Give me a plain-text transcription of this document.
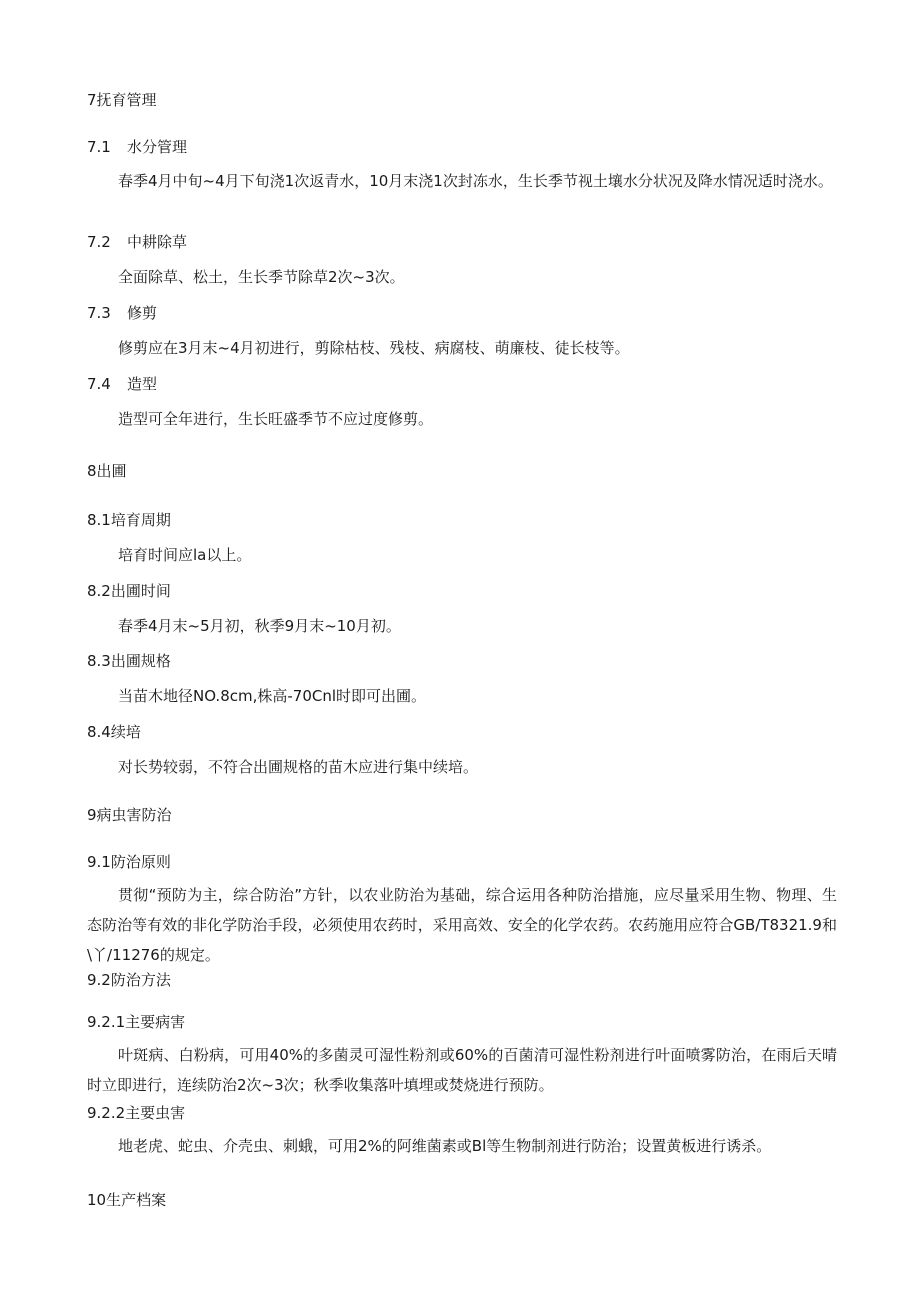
7抚育管理

7.1 水分管理

春季4月中旬~4月下旬浇1次返青水，10月末浇1次封冻水，生长季节视土壤水分状况及降水情况适时浇水。

7.2 中耕除草

全面除草、松土，生长季节除草2次~3次。

7.3 修剪

修剪应在3月末~4月初进行，剪除枯枝、残枝、病腐枝、萌廉枝、徒长枝等。

7.4 造型

造型可全年进行，生长旺盛季节不应过度修剪。

8出圃

8.1培育周期

培育时间应la以上。

8.2出圃时间

春季4月末~5月初，秋季9月末~10月初。

8.3出圃规格

当苗木地径NO.8cm,株高-70Cnl时即可出圃。

8.4续培

对长势较弱，不符合出圃规格的苗木应进行集中续培。

9病虫害防治

9.1防治原则

贯彻“预防为主，综合防治”方针，以农业防治为基础，综合运用各种防治措施，应尽量采用生物、物理、生态防治等有效的非化学防治手段，必须使用农药时，采用高效、安全的化学农药。农药施用应符合GB/T8321.9和\丫/11276的规定。

9.2防治方法

9.2.1主要病害

叶斑病、白粉病，可用40%的多菌灵可湿性粉剂或60%的百菌清可湿性粉剂进行叶面喷雾防治，在雨后天晴时立即进行，连续防治2次~3次；秋季收集落叶填埋或焚烧进行预防。

9.2.2主要虫害

地老虎、蛇虫、介壳虫、刺蛾，可用2%的阿维菌素或Bl等生物制剂进行防治；设置黄板进行诱杀。

10生产档案
